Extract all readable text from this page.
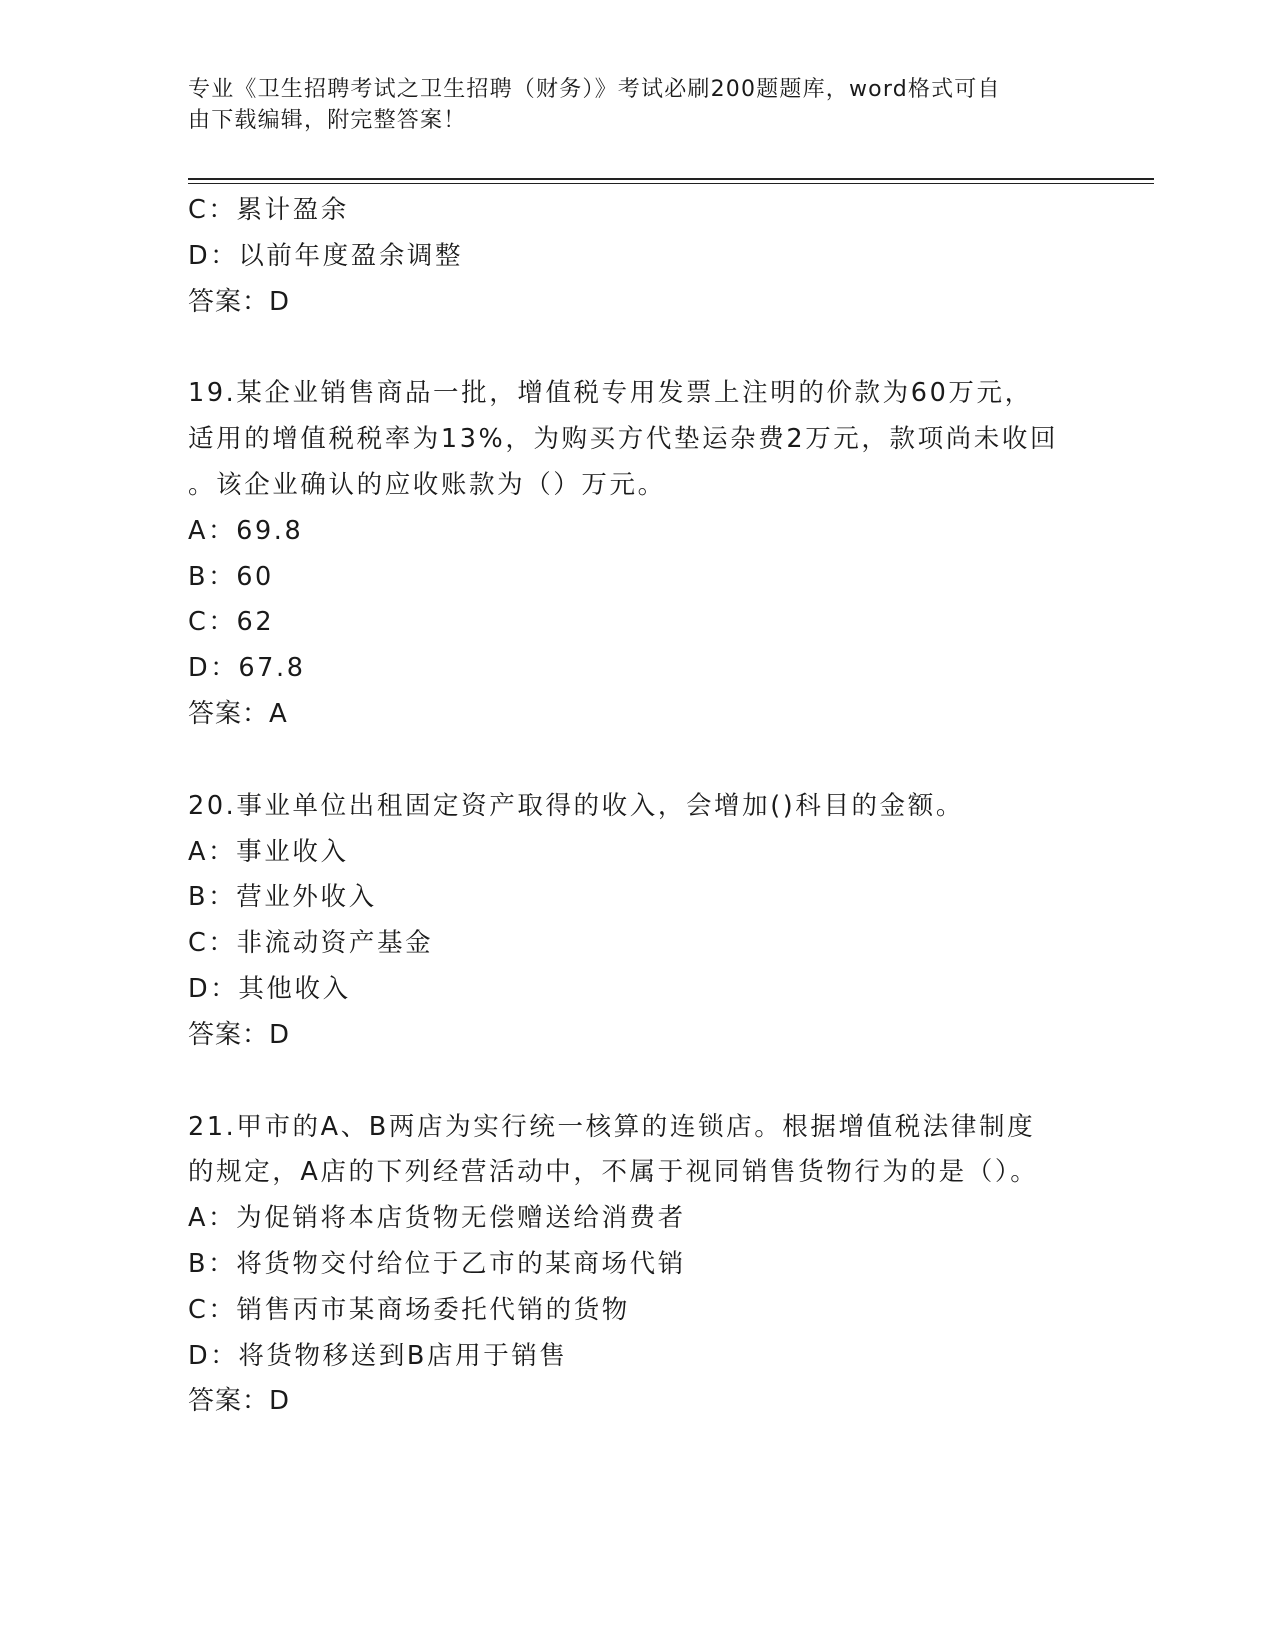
专业《卫生招聘考试之卫生招聘（财务）》考试必刷200题题库，word格式可自
由下载编辑，附完整答案！
C：累计盈余
D：以前年度盈余调整
答案：D
19.某企业销售商品一批，增值税专用发票上注明的价款为60万元，
适用的增值税税率为13%，为购买方代垫运杂费2万元，款项尚未收回
。该企业确认的应收账款为（）万元。
A：69.8
B：60
C：62
D：67.8
答案：A
20.事业单位出租固定资产取得的收入，会增加()科目的金额。
A：事业收入
B：营业外收入
C：非流动资产基金
D：其他收入
答案：D
21.甲市的A、B两店为实行统一核算的连锁店。根据增值税法律制度
的规定，A店的下列经营活动中，不属于视同销售货物行为的是（）。
A：为促销将本店货物无偿赠送给消费者
B：将货物交付给位于乙市的某商场代销
C：销售丙市某商场委托代销的货物
D：将货物移送到B店用于销售
答案：D
